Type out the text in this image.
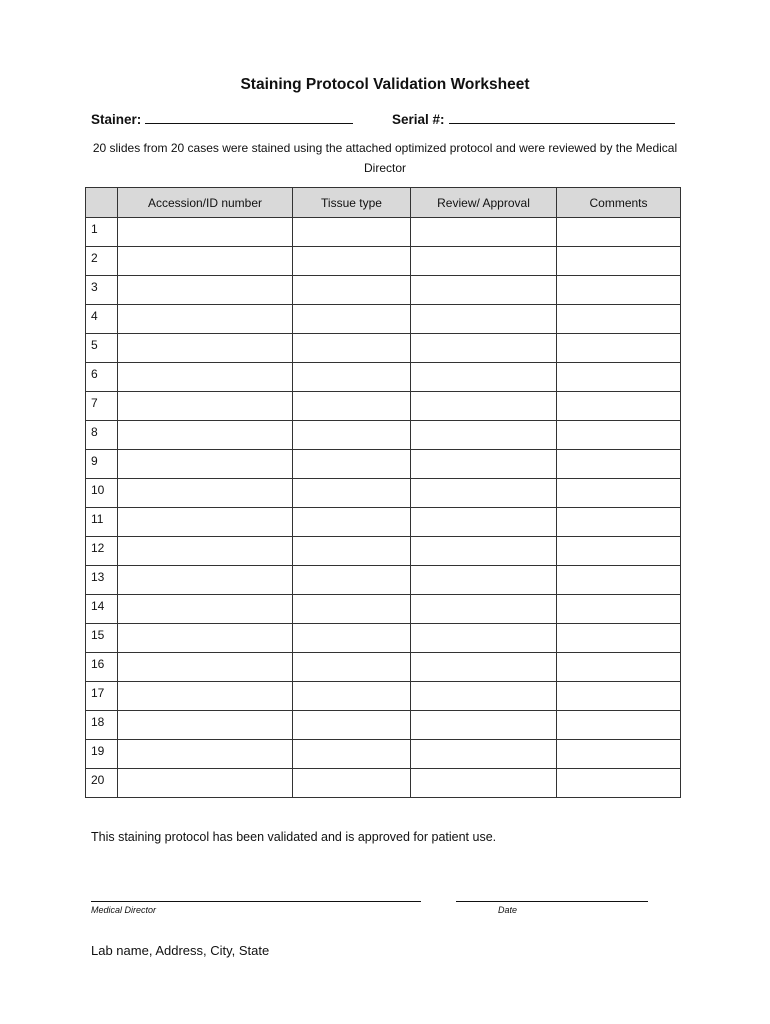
Staining Protocol Validation Worksheet
Stainer:	Serial #:
20 slides from 20 cases were stained using the attached optimized protocol and were reviewed by the Medical Director
	Accession/ID number	Tissue type	Review/ Approval	Comments
1				
2				
3				
4				
5				
6				
7				
8				
9				
10				
11				
12				
13				
14				
15				
16				
17				
18				
19				
20				
This staining protocol has been validated and is approved for patient use.
Medical Director	Date
Lab name, Address, City, State
